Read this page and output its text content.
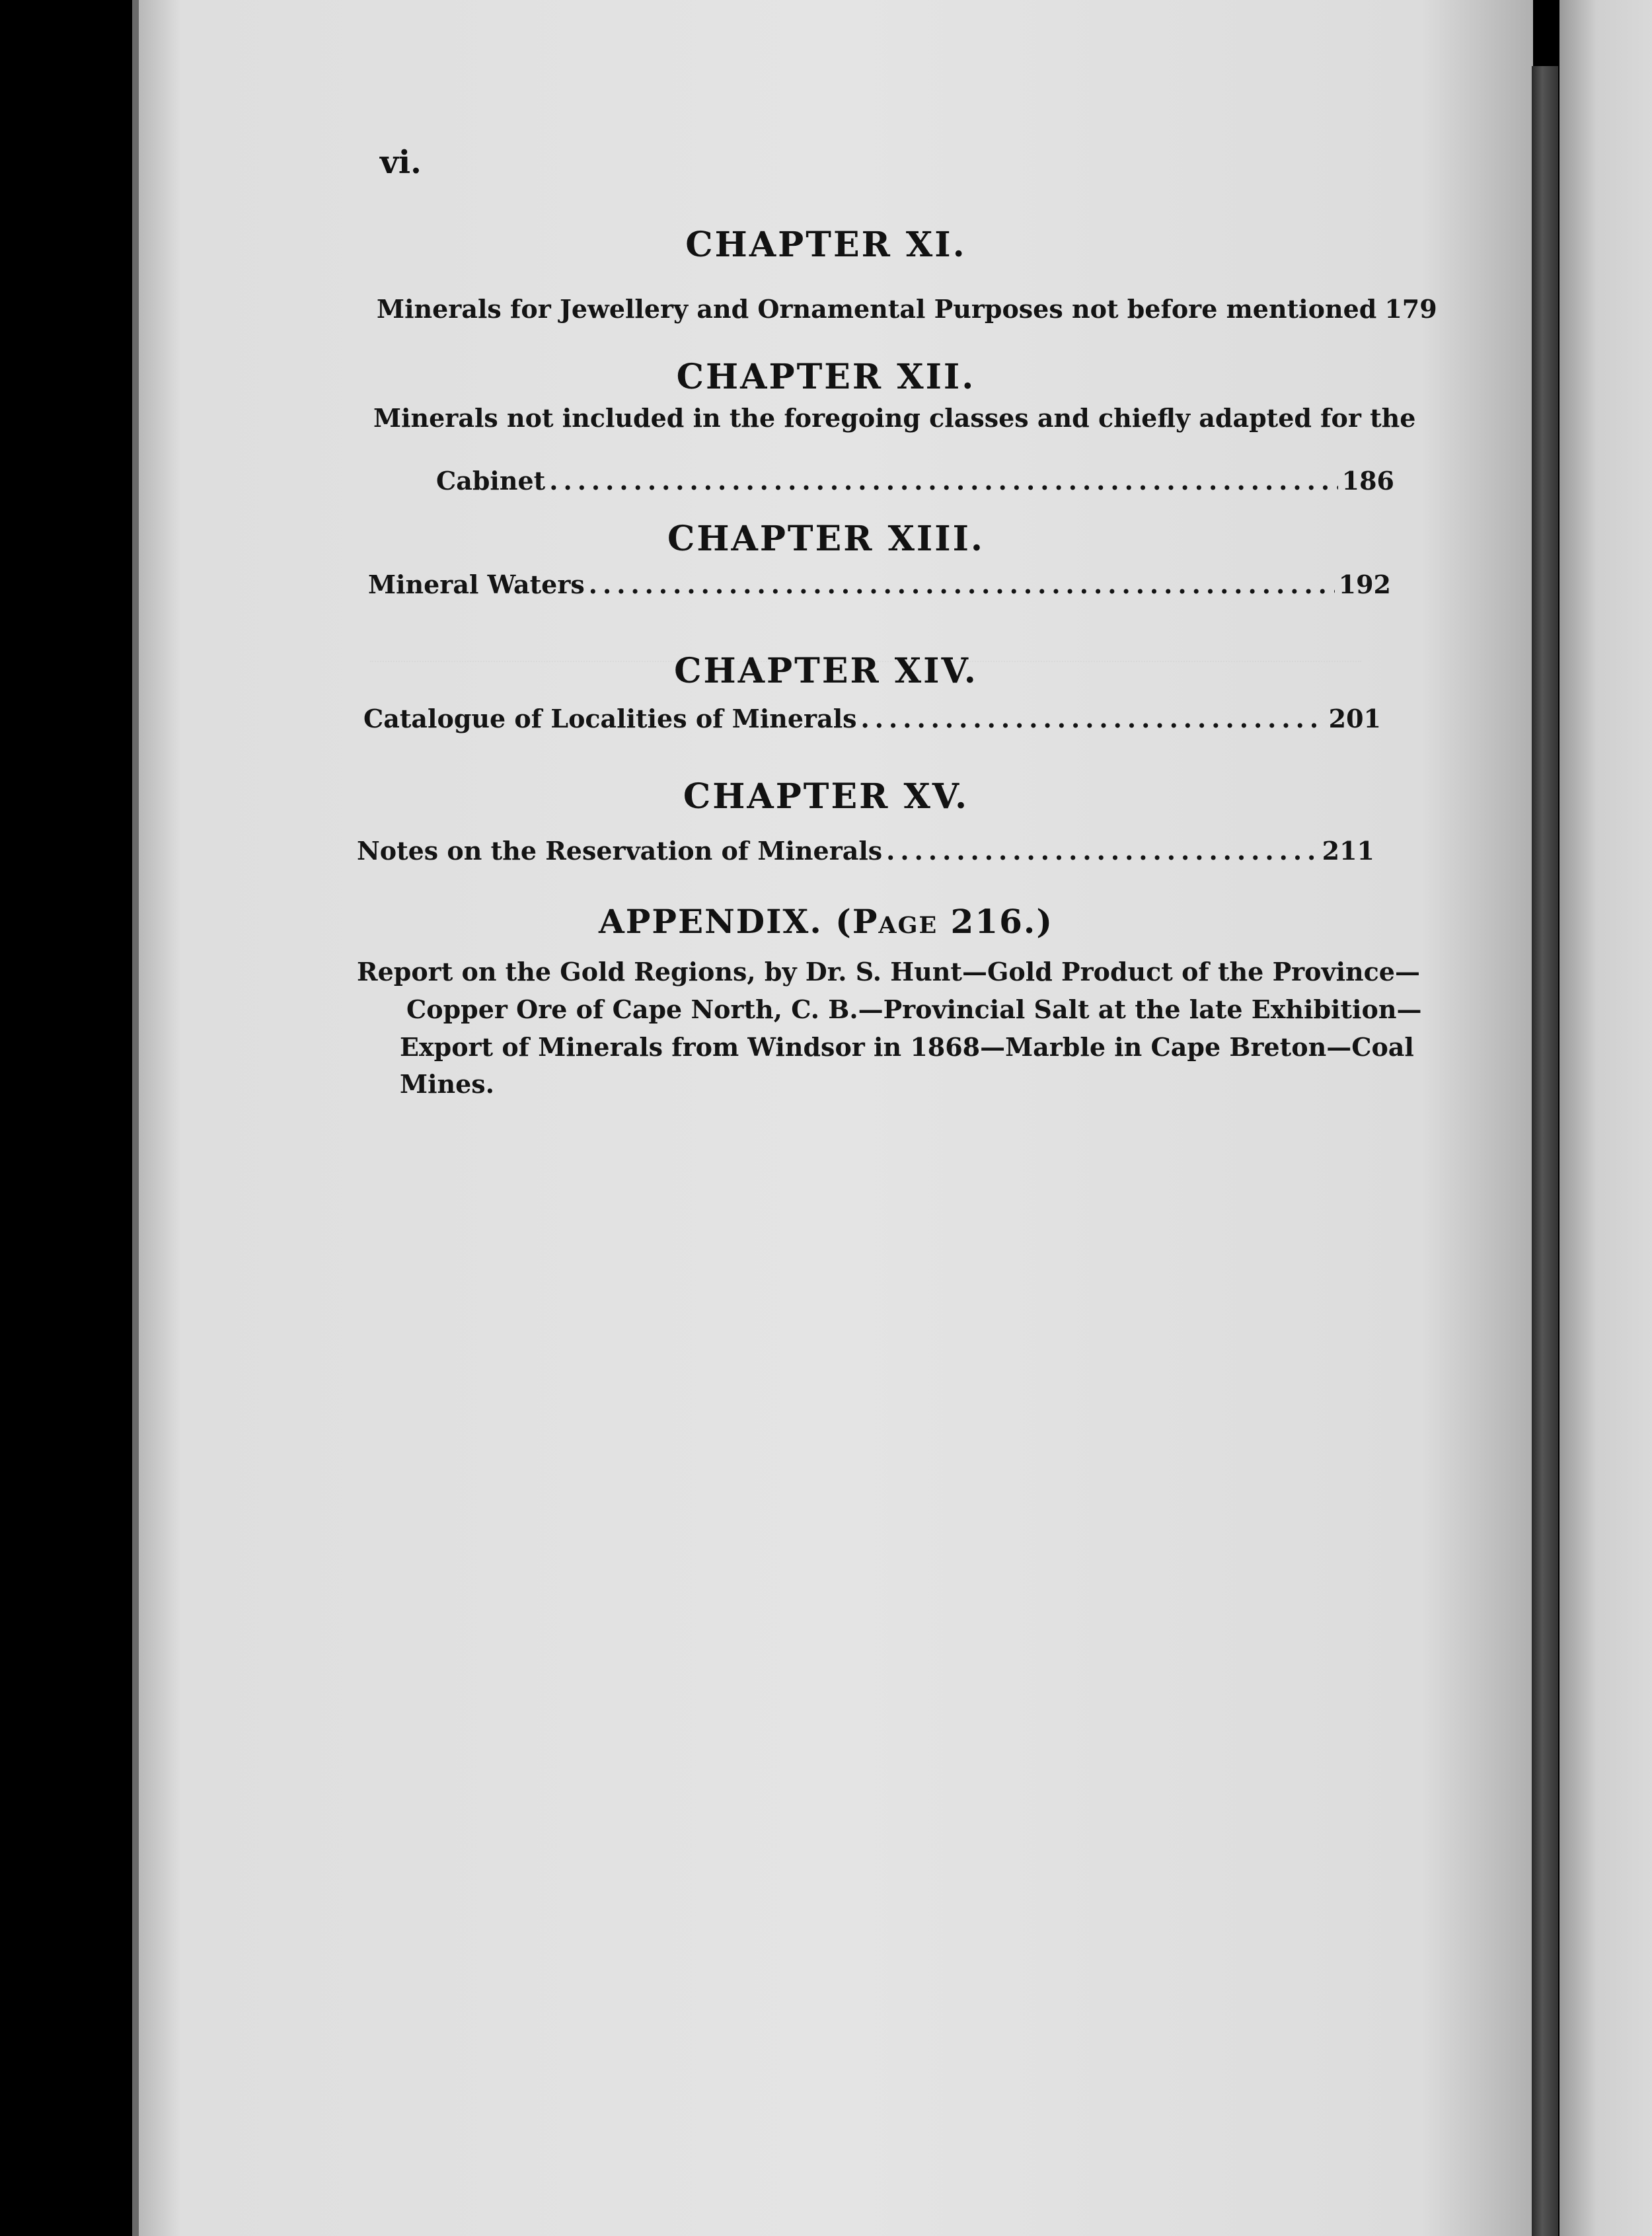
vi.
CHAPTER XI.
Minerals for Jewellery and Ornamental Purposes not before mentioned 179
CHAPTER XII.
Minerals not included in the foregoing classes and chiefly adapted for the
Cabinet .....	186
CHAPTER XIII.
Mineral Waters .....	192
CHAPTER XIV.
Catalogue of Localities of Minerals .....	201
CHAPTER XV.
Notes on the Reservation of Minerals .....	211
APPENDIX. (Page 216.)
Report on the Gold Regions, by Dr. S. Hunt—Gold Product of the Province—
Copper Ore of Cape North, C. B.—Provincial Salt at the late Exhibition—
Export of Minerals from Windsor in 1868—Marble in Cape Breton—Coal
Mines.
